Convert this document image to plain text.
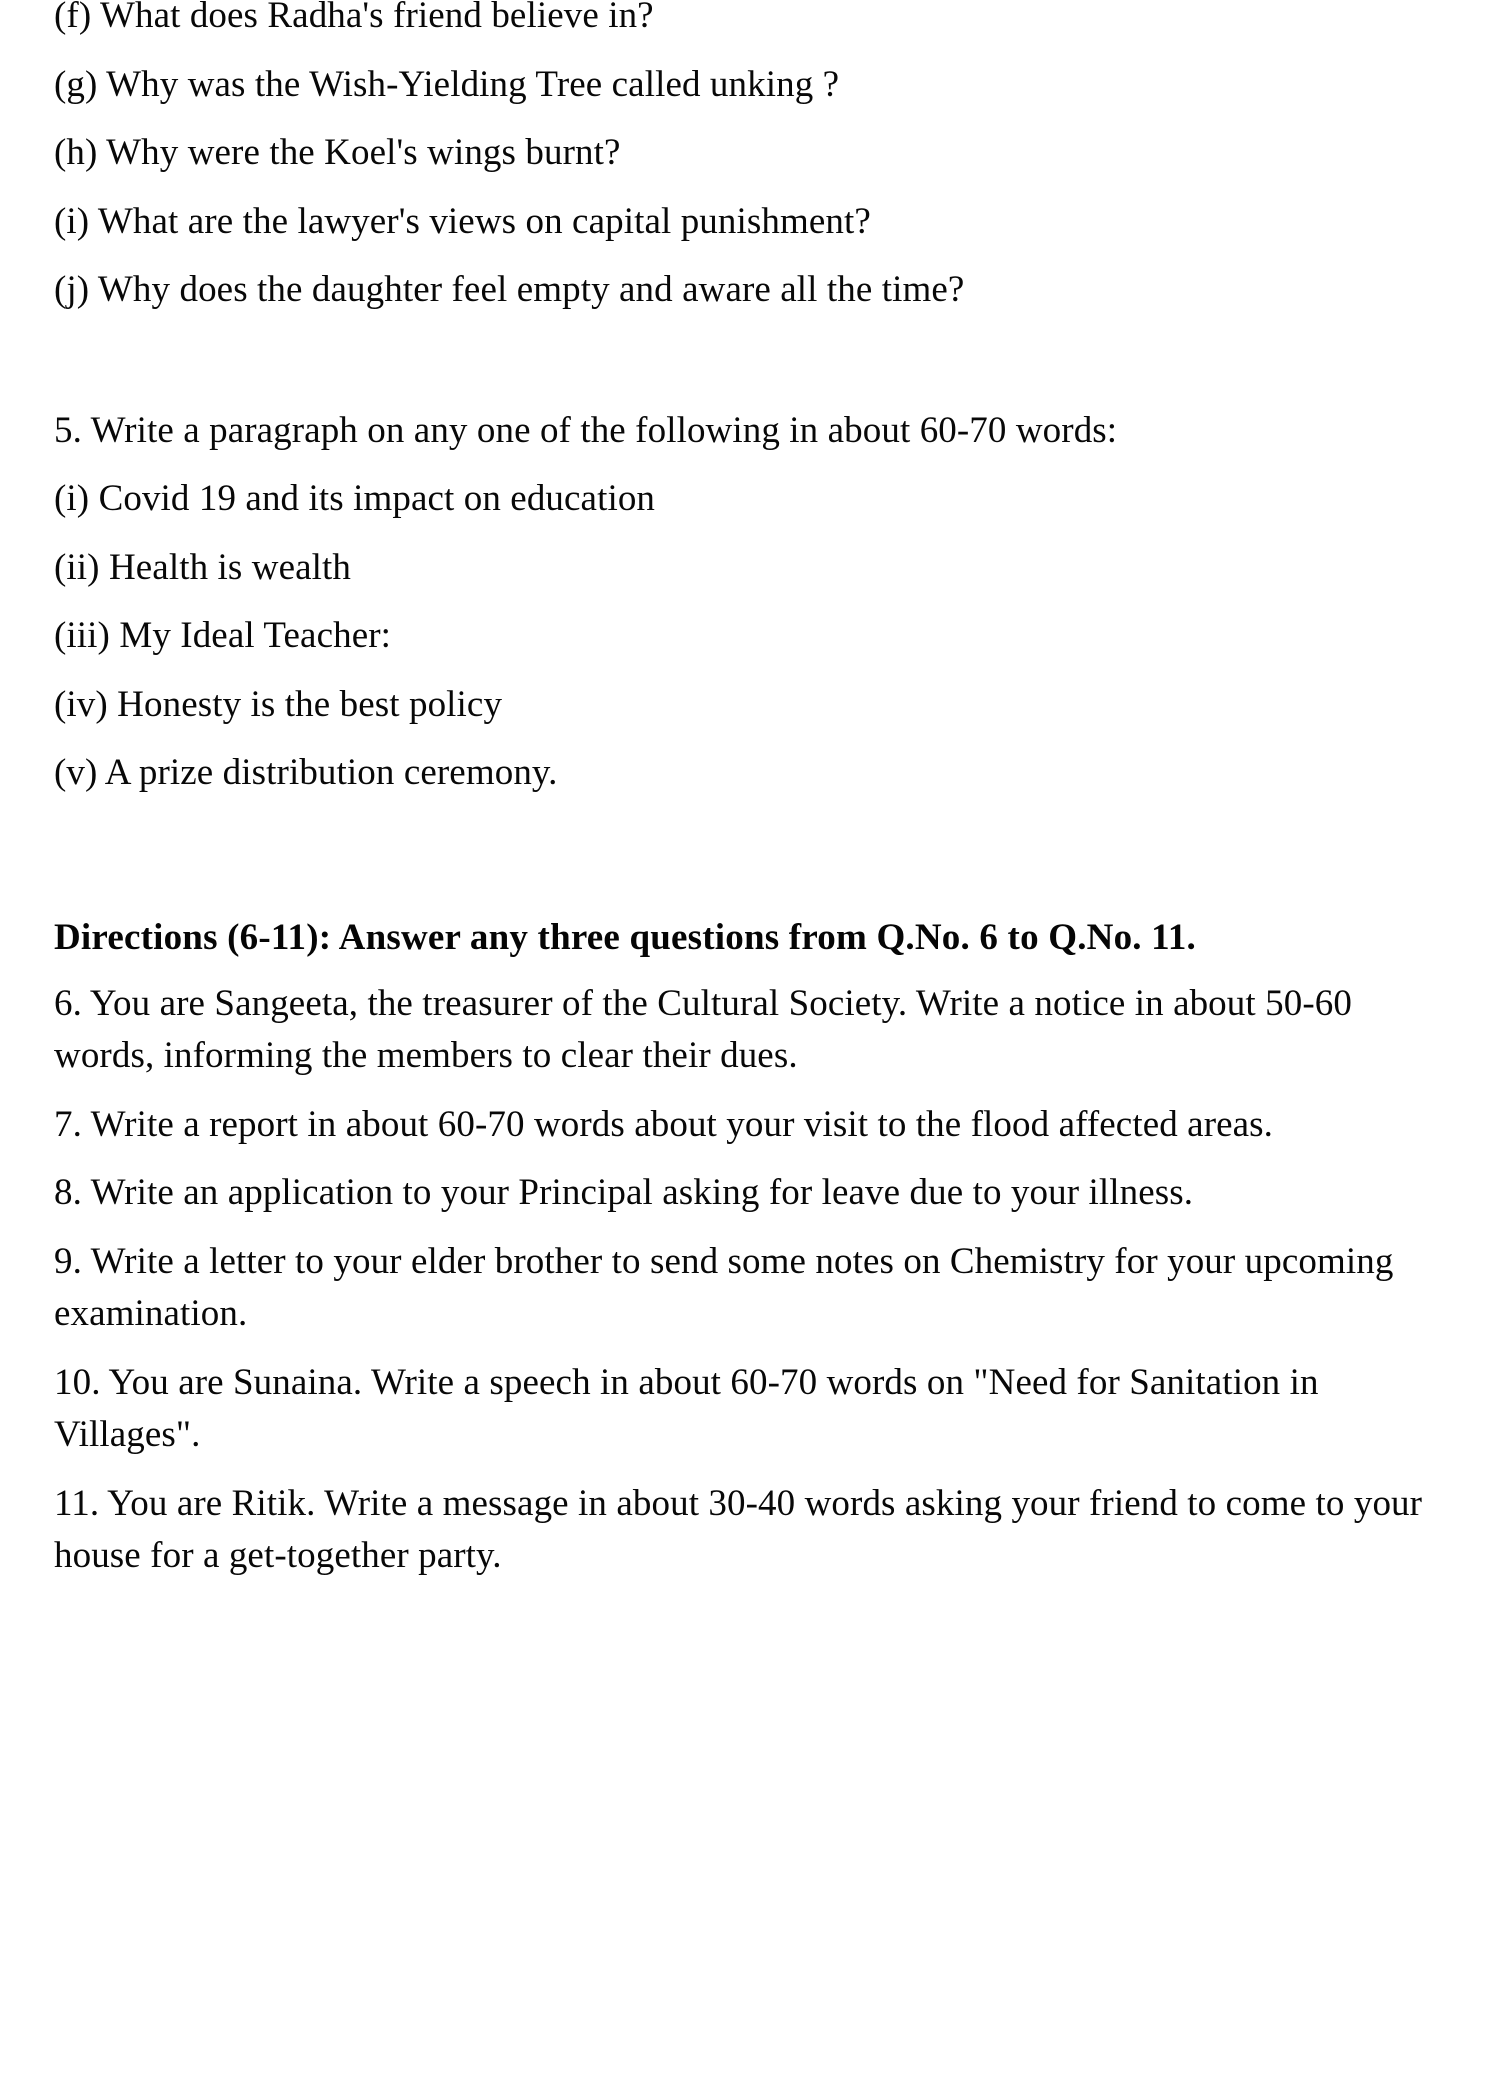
(f) What does Radha's friend believe in?

(g) Why was the Wish-Yielding Tree called unking ?

(h) Why were the Koel's wings burnt?

(i) What are the lawyer's views on capital punishment?

(j) Why does the daughter feel empty and aware all the time?

5. Write a paragraph on any one of the following in about 60-70 words:

(i) Covid 19 and its impact on education

(ii) Health is wealth

(iii) My Ideal Teacher:

(iv) Honesty is the best policy

(v) A prize distribution ceremony.

Directions (6-11): Answer any three questions from Q.No. 6 to Q.No. 11.

6. You are Sangeeta, the treasurer of the Cultural Society. Write a notice in about 50-60 words, informing the members to clear their dues.

7. Write a report in about 60-70 words about your visit to the flood affected areas.

8. Write an application to your Principal asking for leave due to your illness.

9. Write a letter to your elder brother to send some notes on Chemistry for your upcoming examination.

10. You are Sunaina. Write a speech in about 60-70 words on "Need for Sanitation in Villages".

11. You are Ritik. Write a message in about 30-40 words asking your friend to come to your house for a get-together party.
